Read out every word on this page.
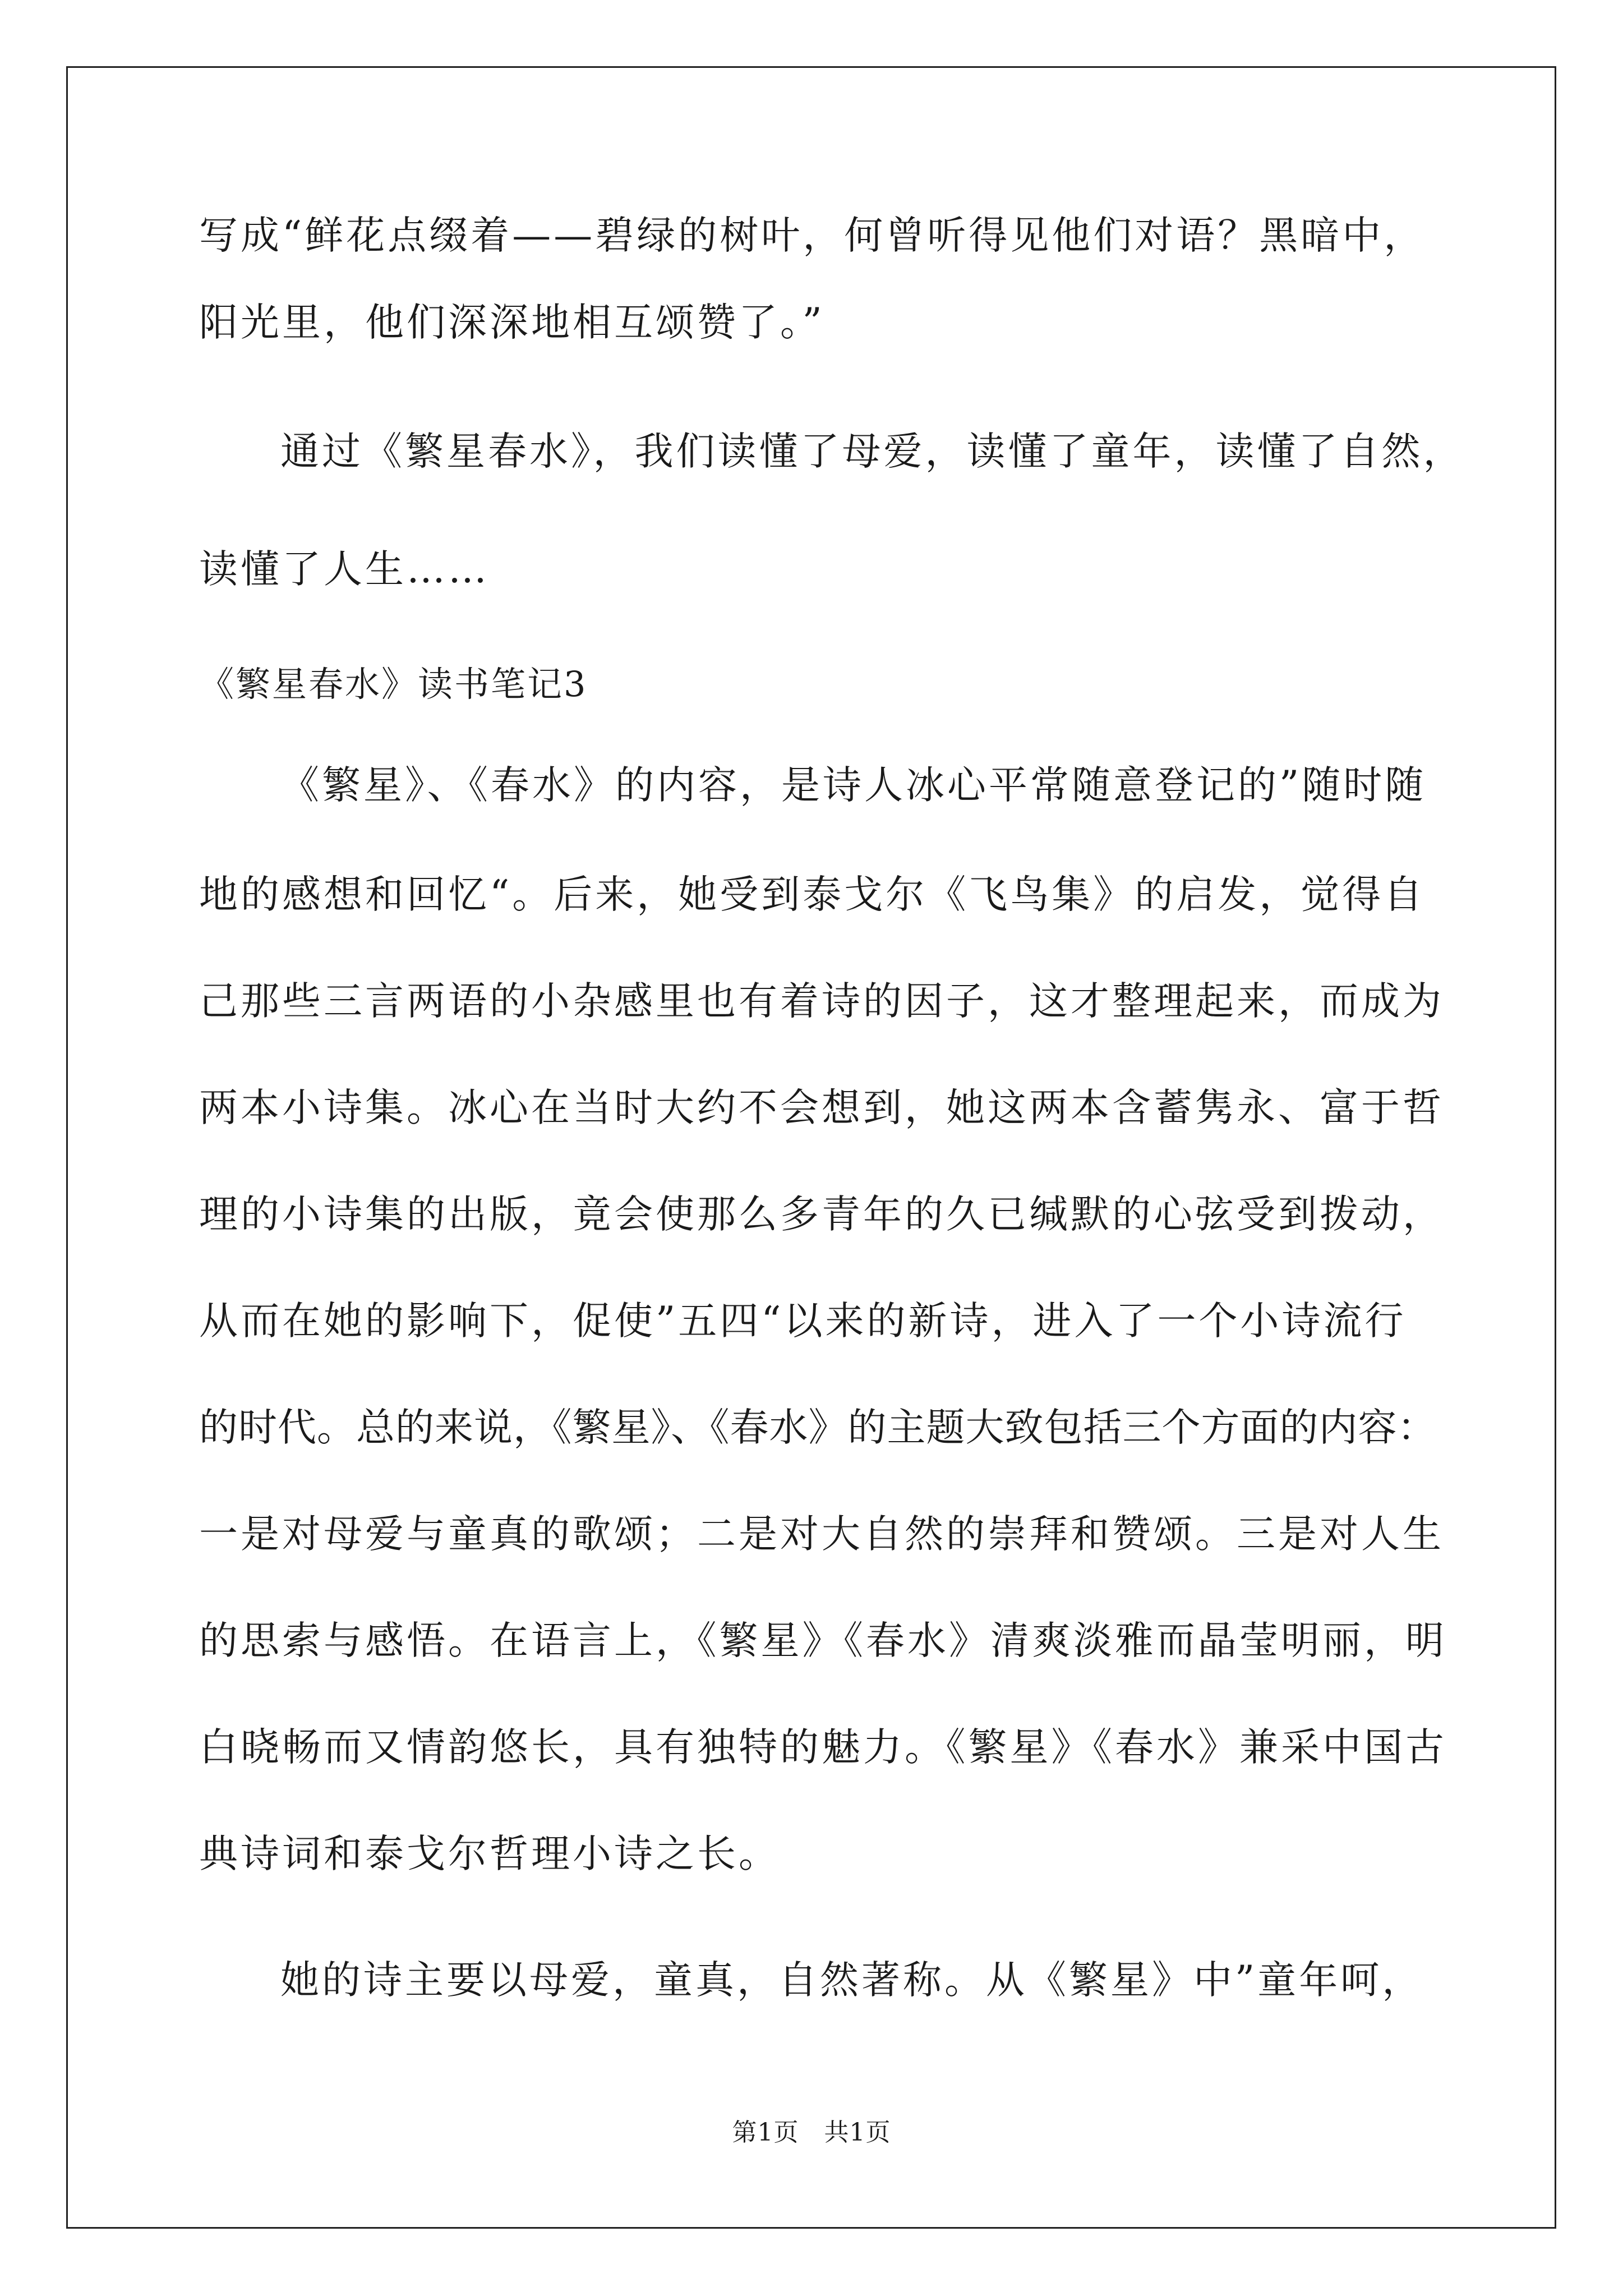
写成“鲜花点缀着——碧绿的树叶，何曾听得见他们对语？黑暗中，
阳光里，他们深深地相互颂赞了。”
通过《繁星春水》，我们读懂了母爱，读懂了童年，读懂了自然，
读懂了人生……
《繁星春水》读书笔记3
《繁星》、《春水》的内容，是诗人冰心平常随意登记的”随时随
地的感想和回忆“。后来，她受到泰戈尔《飞鸟集》的启发，觉得自
己那些三言两语的小杂感里也有着诗的因子，这才整理起来，而成为
两本小诗集。冰心在当时大约不会想到，她这两本含蓄隽永、富于哲
理的小诗集的出版，竟会使那么多青年的久已缄默的心弦受到拨动，
从而在她的影响下，促使”五四“以来的新诗，进入了一个小诗流行
的时代。总的来说，《繁星》、《春水》的主题大致包括三个方面的内容：
一是对母爱与童真的歌颂；二是对大自然的崇拜和赞颂。三是对人生
的思索与感悟。在语言上，《繁星》《春水》清爽淡雅而晶莹明丽，明
白晓畅而又情韵悠长，具有独特的魅力。《繁星》《春水》兼采中国古
典诗词和泰戈尔哲理小诗之长。
她的诗主要以母爱，童真，自然著称。从《繁星》中”童年呵，
第1页　共1页
